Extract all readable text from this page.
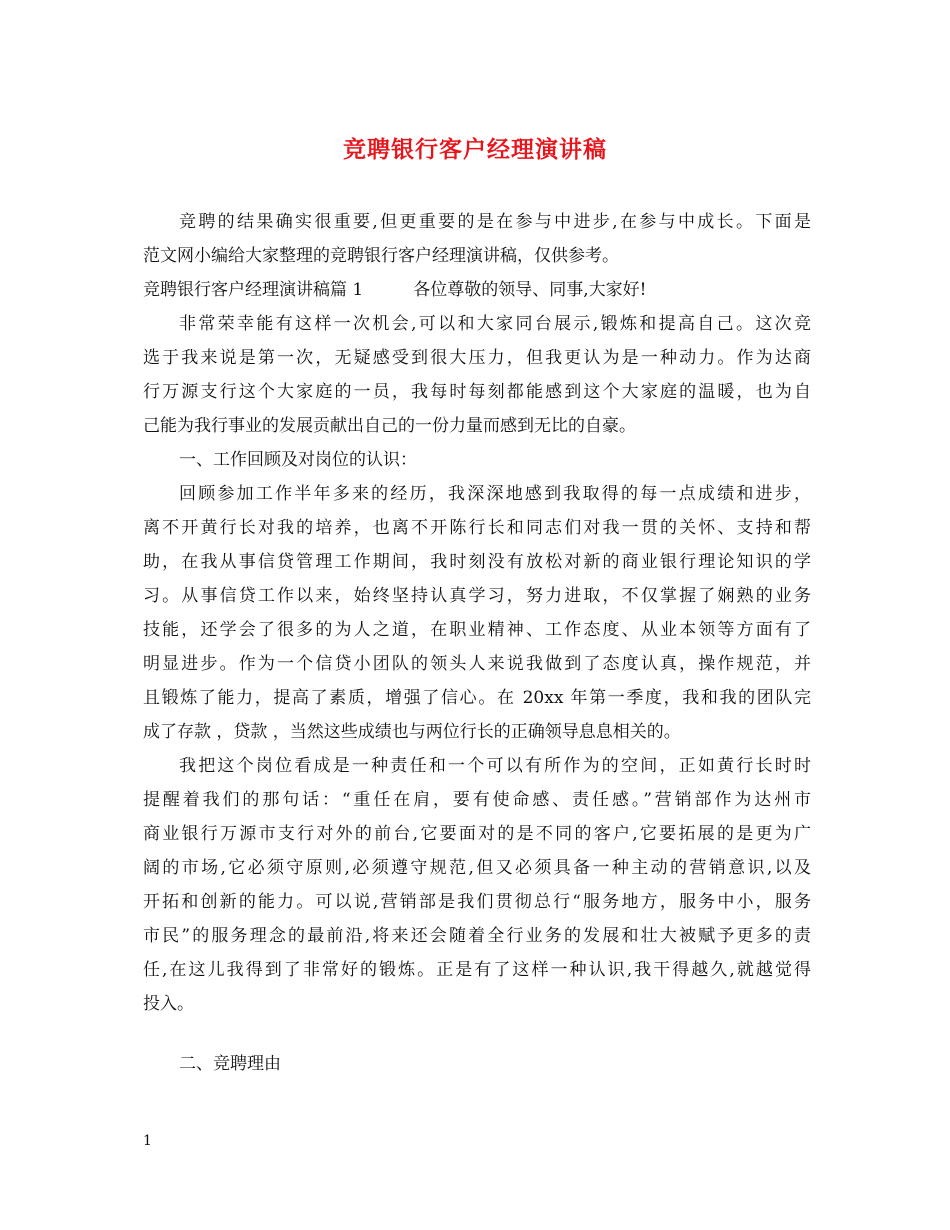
竞聘银行客户经理演讲稿
竞聘的结果确实很重要,但更重要的是在参与中进步,在参与中成长。下面是
范文网小编给大家整理的竞聘银行客户经理演讲稿，仅供参考。
竞聘银行客户经理演讲稿篇 1	各位尊敬的领导、同事,大家好!
非常荣幸能有这样一次机会,可以和大家同台展示,锻炼和提高自己。这次竞
选于我来说是第一次，无疑感受到很大压力，但我更认为是一种动力。作为达商
行万源支行这个大家庭的一员，我每时每刻都能感到这个大家庭的温暖，也为自
己能为我行事业的发展贡献出自己的一份力量而感到无比的自豪。
一、工作回顾及对岗位的认识：
回顾参加工作半年多来的经历，我深深地感到我取得的每一点成绩和进步，
离不开黄行长对我的培养，也离不开陈行长和同志们对我一贯的关怀、支持和帮
助，在我从事信贷管理工作期间，我时刻没有放松对新的商业银行理论知识的学
习。从事信贷工作以来，始终坚持认真学习，努力进取，不仅掌握了娴熟的业务
技能，还学会了很多的为人之道，在职业精神、工作态度、从业本领等方面有了
明显进步。作为一个信贷小团队的领头人来说我做到了态度认真，操作规范，并
且锻炼了能力，提高了素质，增强了信心。在 20xx 年第一季度，我和我的团队完
成了存款 ，贷款 ，当然这些成绩也与两位行长的正确领导息息相关的。
我把这个岗位看成是一种责任和一个可以有所作为的空间，正如黄行长时时
提醒着我们的那句话：“重任在肩，要有使命感、责任感。”营销部作为达州市
商业银行万源市支行对外的前台,它要面对的是不同的客户,它要拓展的是更为广
阔的市场,它必须守原则,必须遵守规范,但又必须具备一种主动的营销意识,以及
开拓和创新的能力。可以说,营销部是我们贯彻总行“服务地方，服务中小，服务
市民”的服务理念的最前沿,将来还会随着全行业务的发展和壮大被赋予更多的责
任,在这儿我得到了非常好的锻炼。正是有了这样一种认识,我干得越久,就越觉得
投入。
二、竞聘理由
1
